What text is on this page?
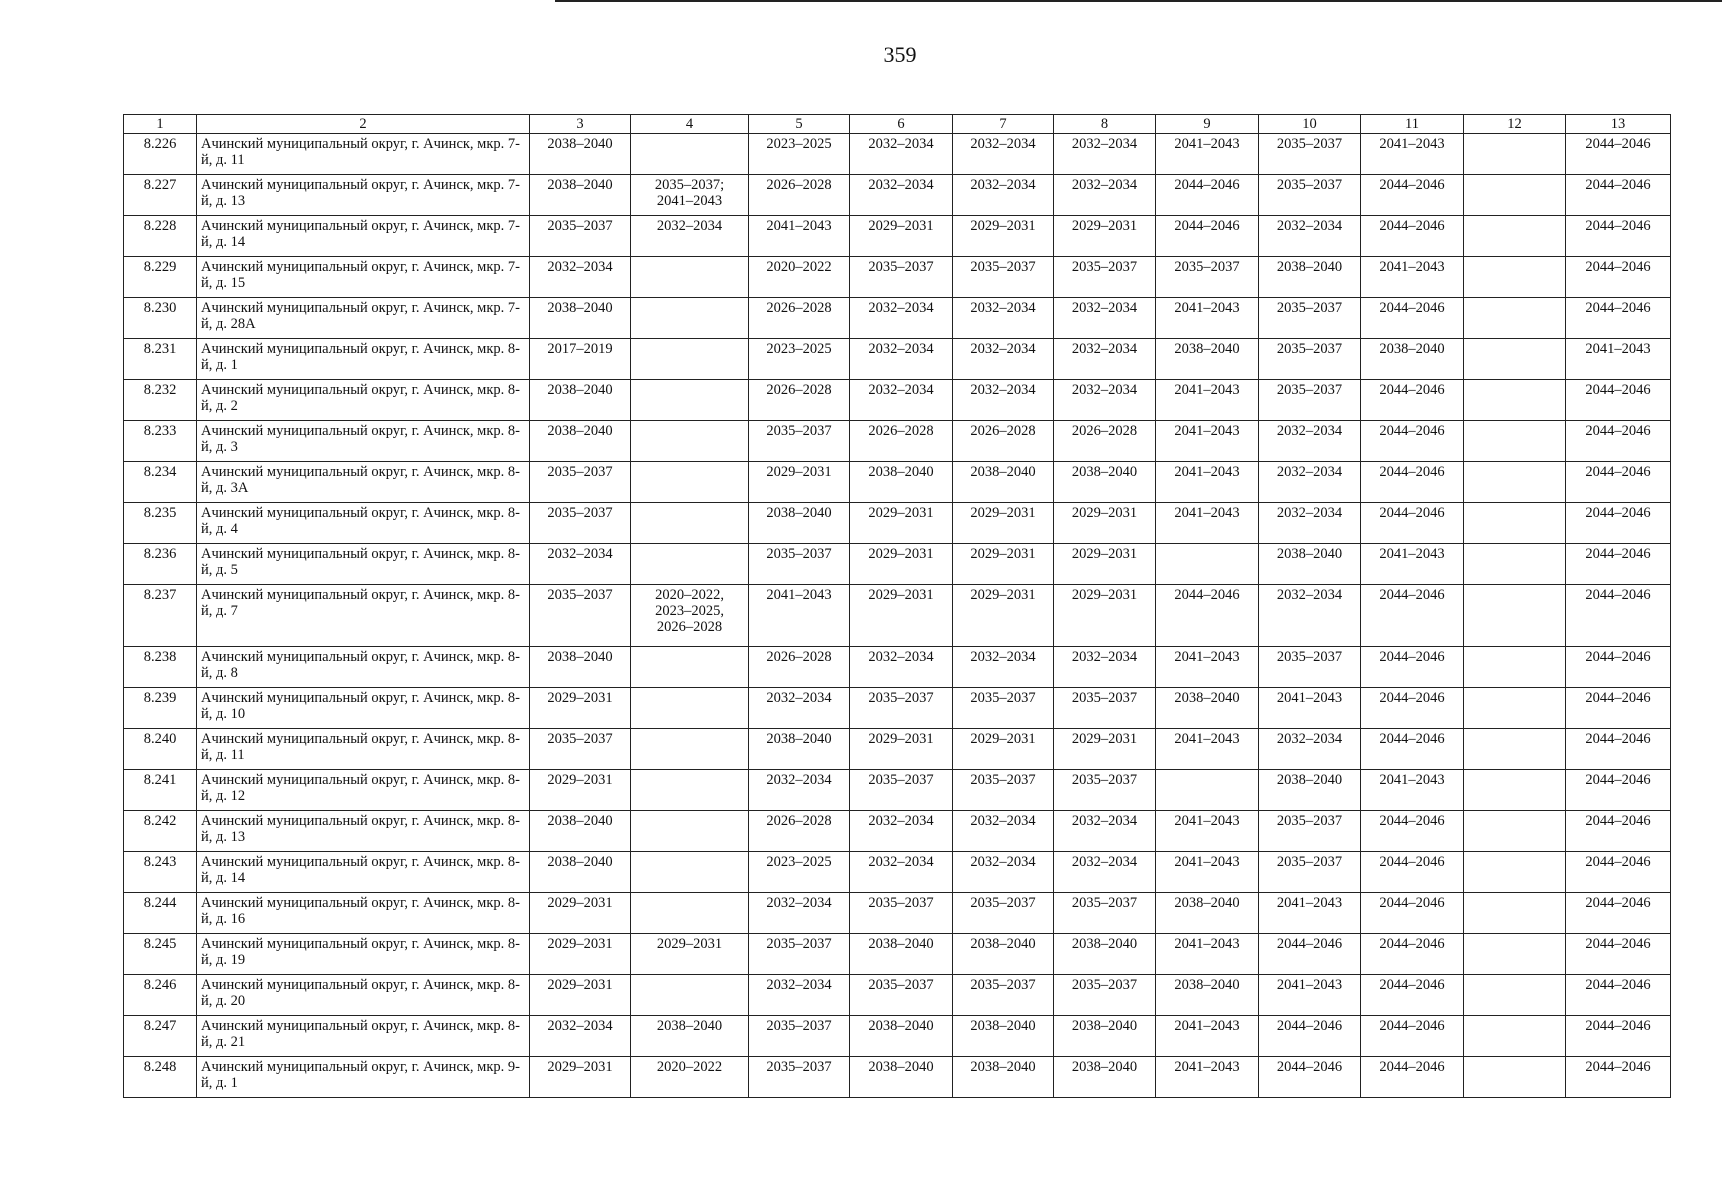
359
1	2	3	4	5	6	7	8	9	10	11	12	13
8.226	Ачинский муниципальный округ, г. Ачинск, мкр. 7-й, д. 11	2038–2040		2023–2025	2032–2034	2032–2034	2032–2034	2041–2043	2035–2037	2041–2043		2044–2046
8.227	Ачинский муниципальный округ, г. Ачинск, мкр. 7-й, д. 13	2038–2040	2035–2037;
2041–2043	2026–2028	2032–2034	2032–2034	2032–2034	2044–2046	2035–2037	2044–2046		2044–2046
8.228	Ачинский муниципальный округ, г. Ачинск, мкр. 7-й, д. 14	2035–2037	2032–2034	2041–2043	2029–2031	2029–2031	2029–2031	2044–2046	2032–2034	2044–2046		2044–2046
8.229	Ачинский муниципальный округ, г. Ачинск, мкр. 7-й, д. 15	2032–2034		2020–2022	2035–2037	2035–2037	2035–2037	2035–2037	2038–2040	2041–2043		2044–2046
8.230	Ачинский муниципальный округ, г. Ачинск, мкр. 7-й, д. 28А	2038–2040		2026–2028	2032–2034	2032–2034	2032–2034	2041–2043	2035–2037	2044–2046		2044–2046
8.231	Ачинский муниципальный округ, г. Ачинск, мкр. 8-й, д. 1	2017–2019		2023–2025	2032–2034	2032–2034	2032–2034	2038–2040	2035–2037	2038–2040		2041–2043
8.232	Ачинский муниципальный округ, г. Ачинск, мкр. 8-й, д. 2	2038–2040		2026–2028	2032–2034	2032–2034	2032–2034	2041–2043	2035–2037	2044–2046		2044–2046
8.233	Ачинский муниципальный округ, г. Ачинск, мкр. 8-й, д. 3	2038–2040		2035–2037	2026–2028	2026–2028	2026–2028	2041–2043	2032–2034	2044–2046		2044–2046
8.234	Ачинский муниципальный округ, г. Ачинск, мкр. 8-й, д. 3А	2035–2037		2029–2031	2038–2040	2038–2040	2038–2040	2041–2043	2032–2034	2044–2046		2044–2046
8.235	Ачинский муниципальный округ, г. Ачинск, мкр. 8-й, д. 4	2035–2037		2038–2040	2029–2031	2029–2031	2029–2031	2041–2043	2032–2034	2044–2046		2044–2046
8.236	Ачинский муниципальный округ, г. Ачинск, мкр. 8-й, д. 5	2032–2034		2035–2037	2029–2031	2029–2031	2029–2031		2038–2040	2041–2043		2044–2046
8.237	Ачинский муниципальный округ, г. Ачинск, мкр. 8-й, д. 7	2035–2037	2020–2022,
2023–2025,
2026–2028	2041–2043	2029–2031	2029–2031	2029–2031	2044–2046	2032–2034	2044–2046		2044–2046
8.238	Ачинский муниципальный округ, г. Ачинск, мкр. 8-й, д. 8	2038–2040		2026–2028	2032–2034	2032–2034	2032–2034	2041–2043	2035–2037	2044–2046		2044–2046
8.239	Ачинский муниципальный округ, г. Ачинск, мкр. 8-й, д. 10	2029–2031		2032–2034	2035–2037	2035–2037	2035–2037	2038–2040	2041–2043	2044–2046		2044–2046
8.240	Ачинский муниципальный округ, г. Ачинск, мкр. 8-й, д. 11	2035–2037		2038–2040	2029–2031	2029–2031	2029–2031	2041–2043	2032–2034	2044–2046		2044–2046
8.241	Ачинский муниципальный округ, г. Ачинск, мкр. 8-й, д. 12	2029–2031		2032–2034	2035–2037	2035–2037	2035–2037		2038–2040	2041–2043		2044–2046
8.242	Ачинский муниципальный округ, г. Ачинск, мкр. 8-й, д. 13	2038–2040		2026–2028	2032–2034	2032–2034	2032–2034	2041–2043	2035–2037	2044–2046		2044–2046
8.243	Ачинский муниципальный округ, г. Ачинск, мкр. 8-й, д. 14	2038–2040		2023–2025	2032–2034	2032–2034	2032–2034	2041–2043	2035–2037	2044–2046		2044–2046
8.244	Ачинский муниципальный округ, г. Ачинск, мкр. 8-й, д. 16	2029–2031		2032–2034	2035–2037	2035–2037	2035–2037	2038–2040	2041–2043	2044–2046		2044–2046
8.245	Ачинский муниципальный округ, г. Ачинск, мкр. 8-й, д. 19	2029–2031	2029–2031	2035–2037	2038–2040	2038–2040	2038–2040	2041–2043	2044–2046	2044–2046		2044–2046
8.246	Ачинский муниципальный округ, г. Ачинск, мкр. 8-й, д. 20	2029–2031		2032–2034	2035–2037	2035–2037	2035–2037	2038–2040	2041–2043	2044–2046		2044–2046
8.247	Ачинский муниципальный округ, г. Ачинск, мкр. 8-й, д. 21	2032–2034	2038–2040	2035–2037	2038–2040	2038–2040	2038–2040	2041–2043	2044–2046	2044–2046		2044–2046
8.248	Ачинский муниципальный округ, г. Ачинск, мкр. 9-й, д. 1	2029–2031	2020–2022	2035–2037	2038–2040	2038–2040	2038–2040	2041–2043	2044–2046	2044–2046		2044–2046
